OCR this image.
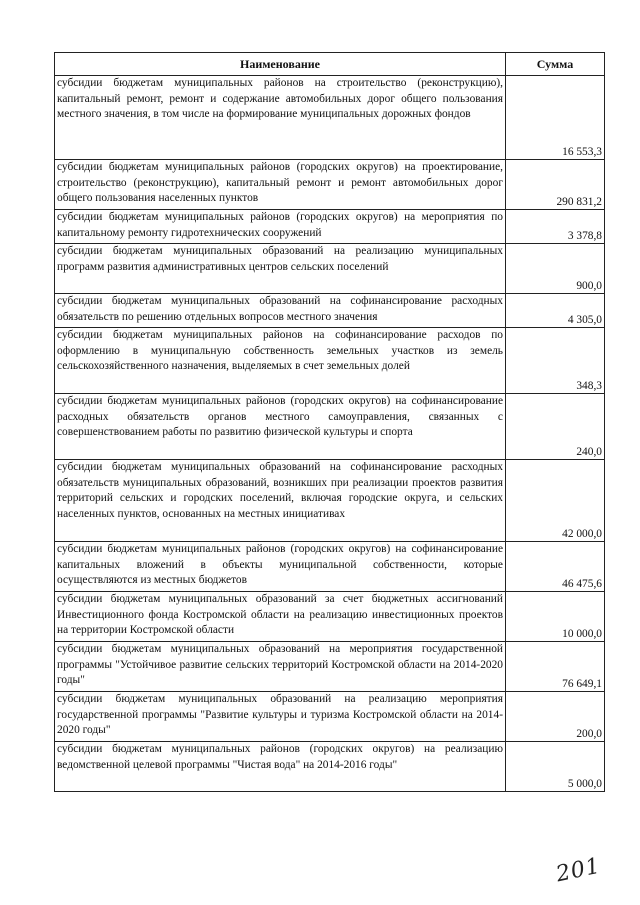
Наименование	Сумма
субсидии бюджетам муниципальных районов на строительство (реконструкцию), капитальный ремонт, ремонт и содержание автомобильных дорог общего пользования местного значения, в том числе на формирование муниципальных дорожных фондов	16 553,3
субсидии бюджетам муниципальных районов (городских округов) на проектирование, строительство (реконструкцию), капитальный ремонт и ремонт автомобильных дорог общего пользования населенных пунктов	290 831,2
субсидии бюджетам муниципальных районов (городских округов) на мероприятия по капитальному ремонту гидротехнических сооружений	3 378,8
субсидии бюджетам муниципальных образований на реализацию муниципальных программ развития административных центров сельских поселений	900,0
субсидии бюджетам муниципальных образований на софинансирование расходных обязательств по решению отдельных вопросов местного значения	4 305,0
субсидии бюджетам муниципальных районов на софинансирование расходов по оформлению в муниципальную собственность земельных участков из земель сельскохозяйственного назначения, выделяемых в счет земельных долей	348,3
субсидии бюджетам муниципальных районов (городских округов) на софинансирование расходных обязательств органов местного самоуправления, связанных с совершенствованием работы по развитию физической культуры и спорта	240,0
субсидии бюджетам муниципальных образований на софинансирование расходных обязательств муниципальных образований, возникших при реализации проектов развития территорий сельских и городских поселений, включая городские округа, и сельских населенных пунктов, основанных на местных инициативах	42 000,0
субсидии бюджетам муниципальных районов (городских округов) на софинансирование капитальных вложений в объекты муниципальной собственности, которые осуществляются из местных бюджетов	46 475,6
субсидии бюджетам муниципальных образований за счет бюджетных ассигнований Инвестиционного фонда Костромской области на реализацию инвестиционных проектов на территории Костромской области	10 000,0
субсидии бюджетам муниципальных образований на мероприятия государственной программы "Устойчивое развитие сельских территорий Костромской области на 2014-2020 годы"	76 649,1
субсидии бюджетам муниципальных образований на реализацию мероприятия государственной программы "Развитие культуры и туризма Костромской области на 2014-2020 годы"	200,0
субсидии бюджетам муниципальных районов (городских округов) на реализацию ведомственной целевой программы "Чистая вода" на 2014-2016 годы"	5 000,0
201
